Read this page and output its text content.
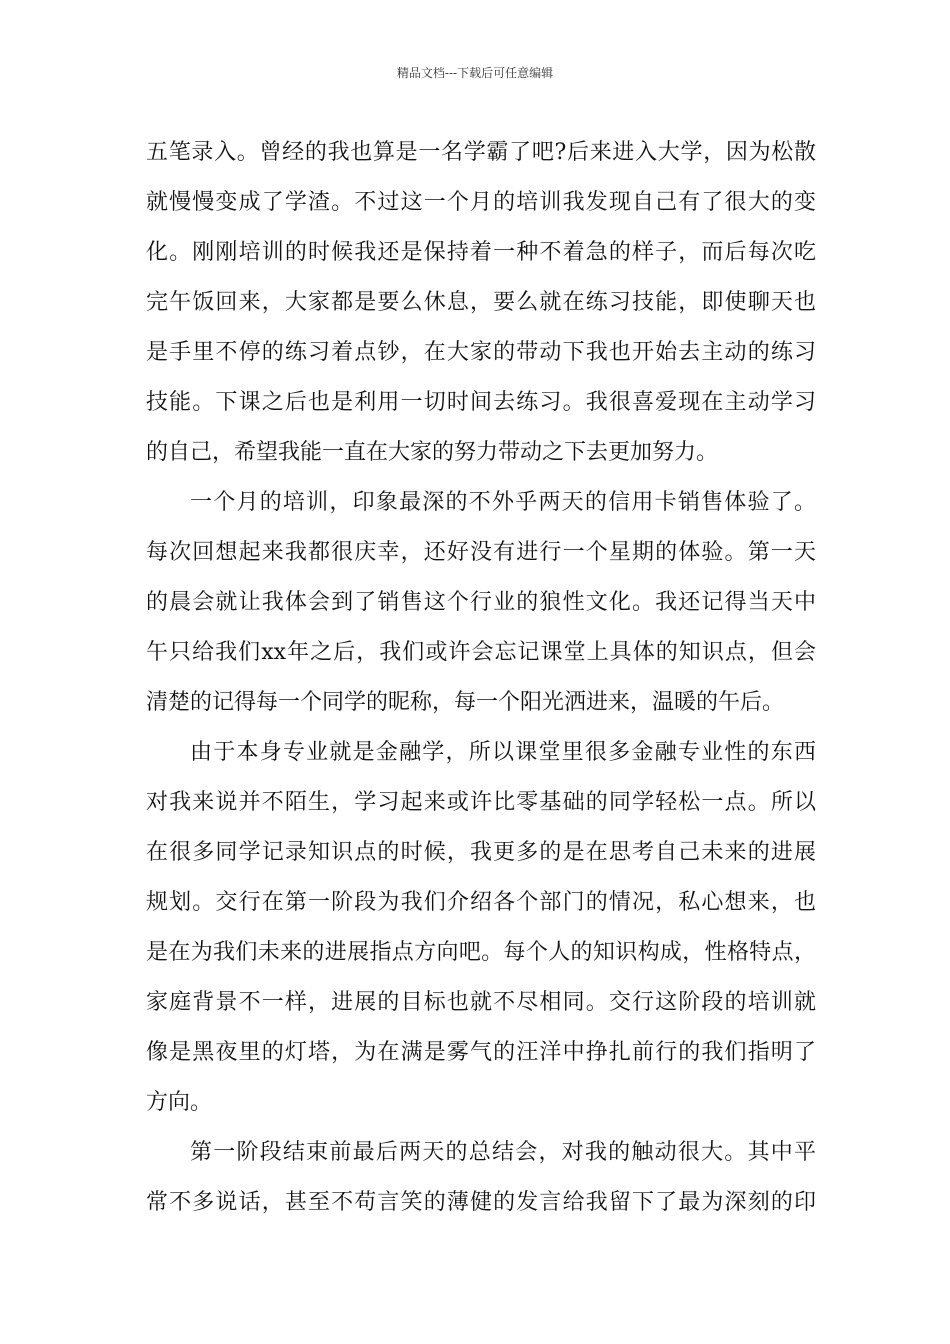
精品文档---下载后可任意编辑
五笔录入。曾经的我也算是一名学霸了吧?后来进入大学，因为松散
就慢慢变成了学渣。不过这一个月的培训我发现自己有了很大的变
化。刚刚培训的时候我还是保持着一种不着急的样子，而后每次吃
完午饭回来，大家都是要么休息，要么就在练习技能，即使聊天也
是手里不停的练习着点钞，在大家的带动下我也开始去主动的练习
技能。下课之后也是利用一切时间去练习。我很喜爱现在主动学习
的自己，希望我能一直在大家的努力带动之下去更加努力。
一个月的培训，印象最深的不外乎两天的信用卡销售体验了。
每次回想起来我都很庆幸，还好没有进行一个星期的体验。第一天
的晨会就让我体会到了销售这个行业的狼性文化。我还记得当天中
午只给我们xx年之后，我们或许会忘记课堂上具体的知识点，但会
清楚的记得每一个同学的昵称，每一个阳光洒进来，温暖的午后。
由于本身专业就是金融学，所以课堂里很多金融专业性的东西
对我来说并不陌生，学习起来或许比零基础的同学轻松一点。所以
在很多同学记录知识点的时候，我更多的是在思考自己未来的进展
规划。交行在第一阶段为我们介绍各个部门的情况，私心想来，也
是在为我们未来的进展指点方向吧。每个人的知识构成，性格特点，
家庭背景不一样，进展的目标也就不尽相同。交行这阶段的培训就
像是黑夜里的灯塔，为在满是雾气的汪洋中挣扎前行的我们指明了
方向。
第一阶段结束前最后两天的总结会，对我的触动很大。其中平
常不多说话，甚至不苟言笑的薄健的发言给我留下了最为深刻的印
